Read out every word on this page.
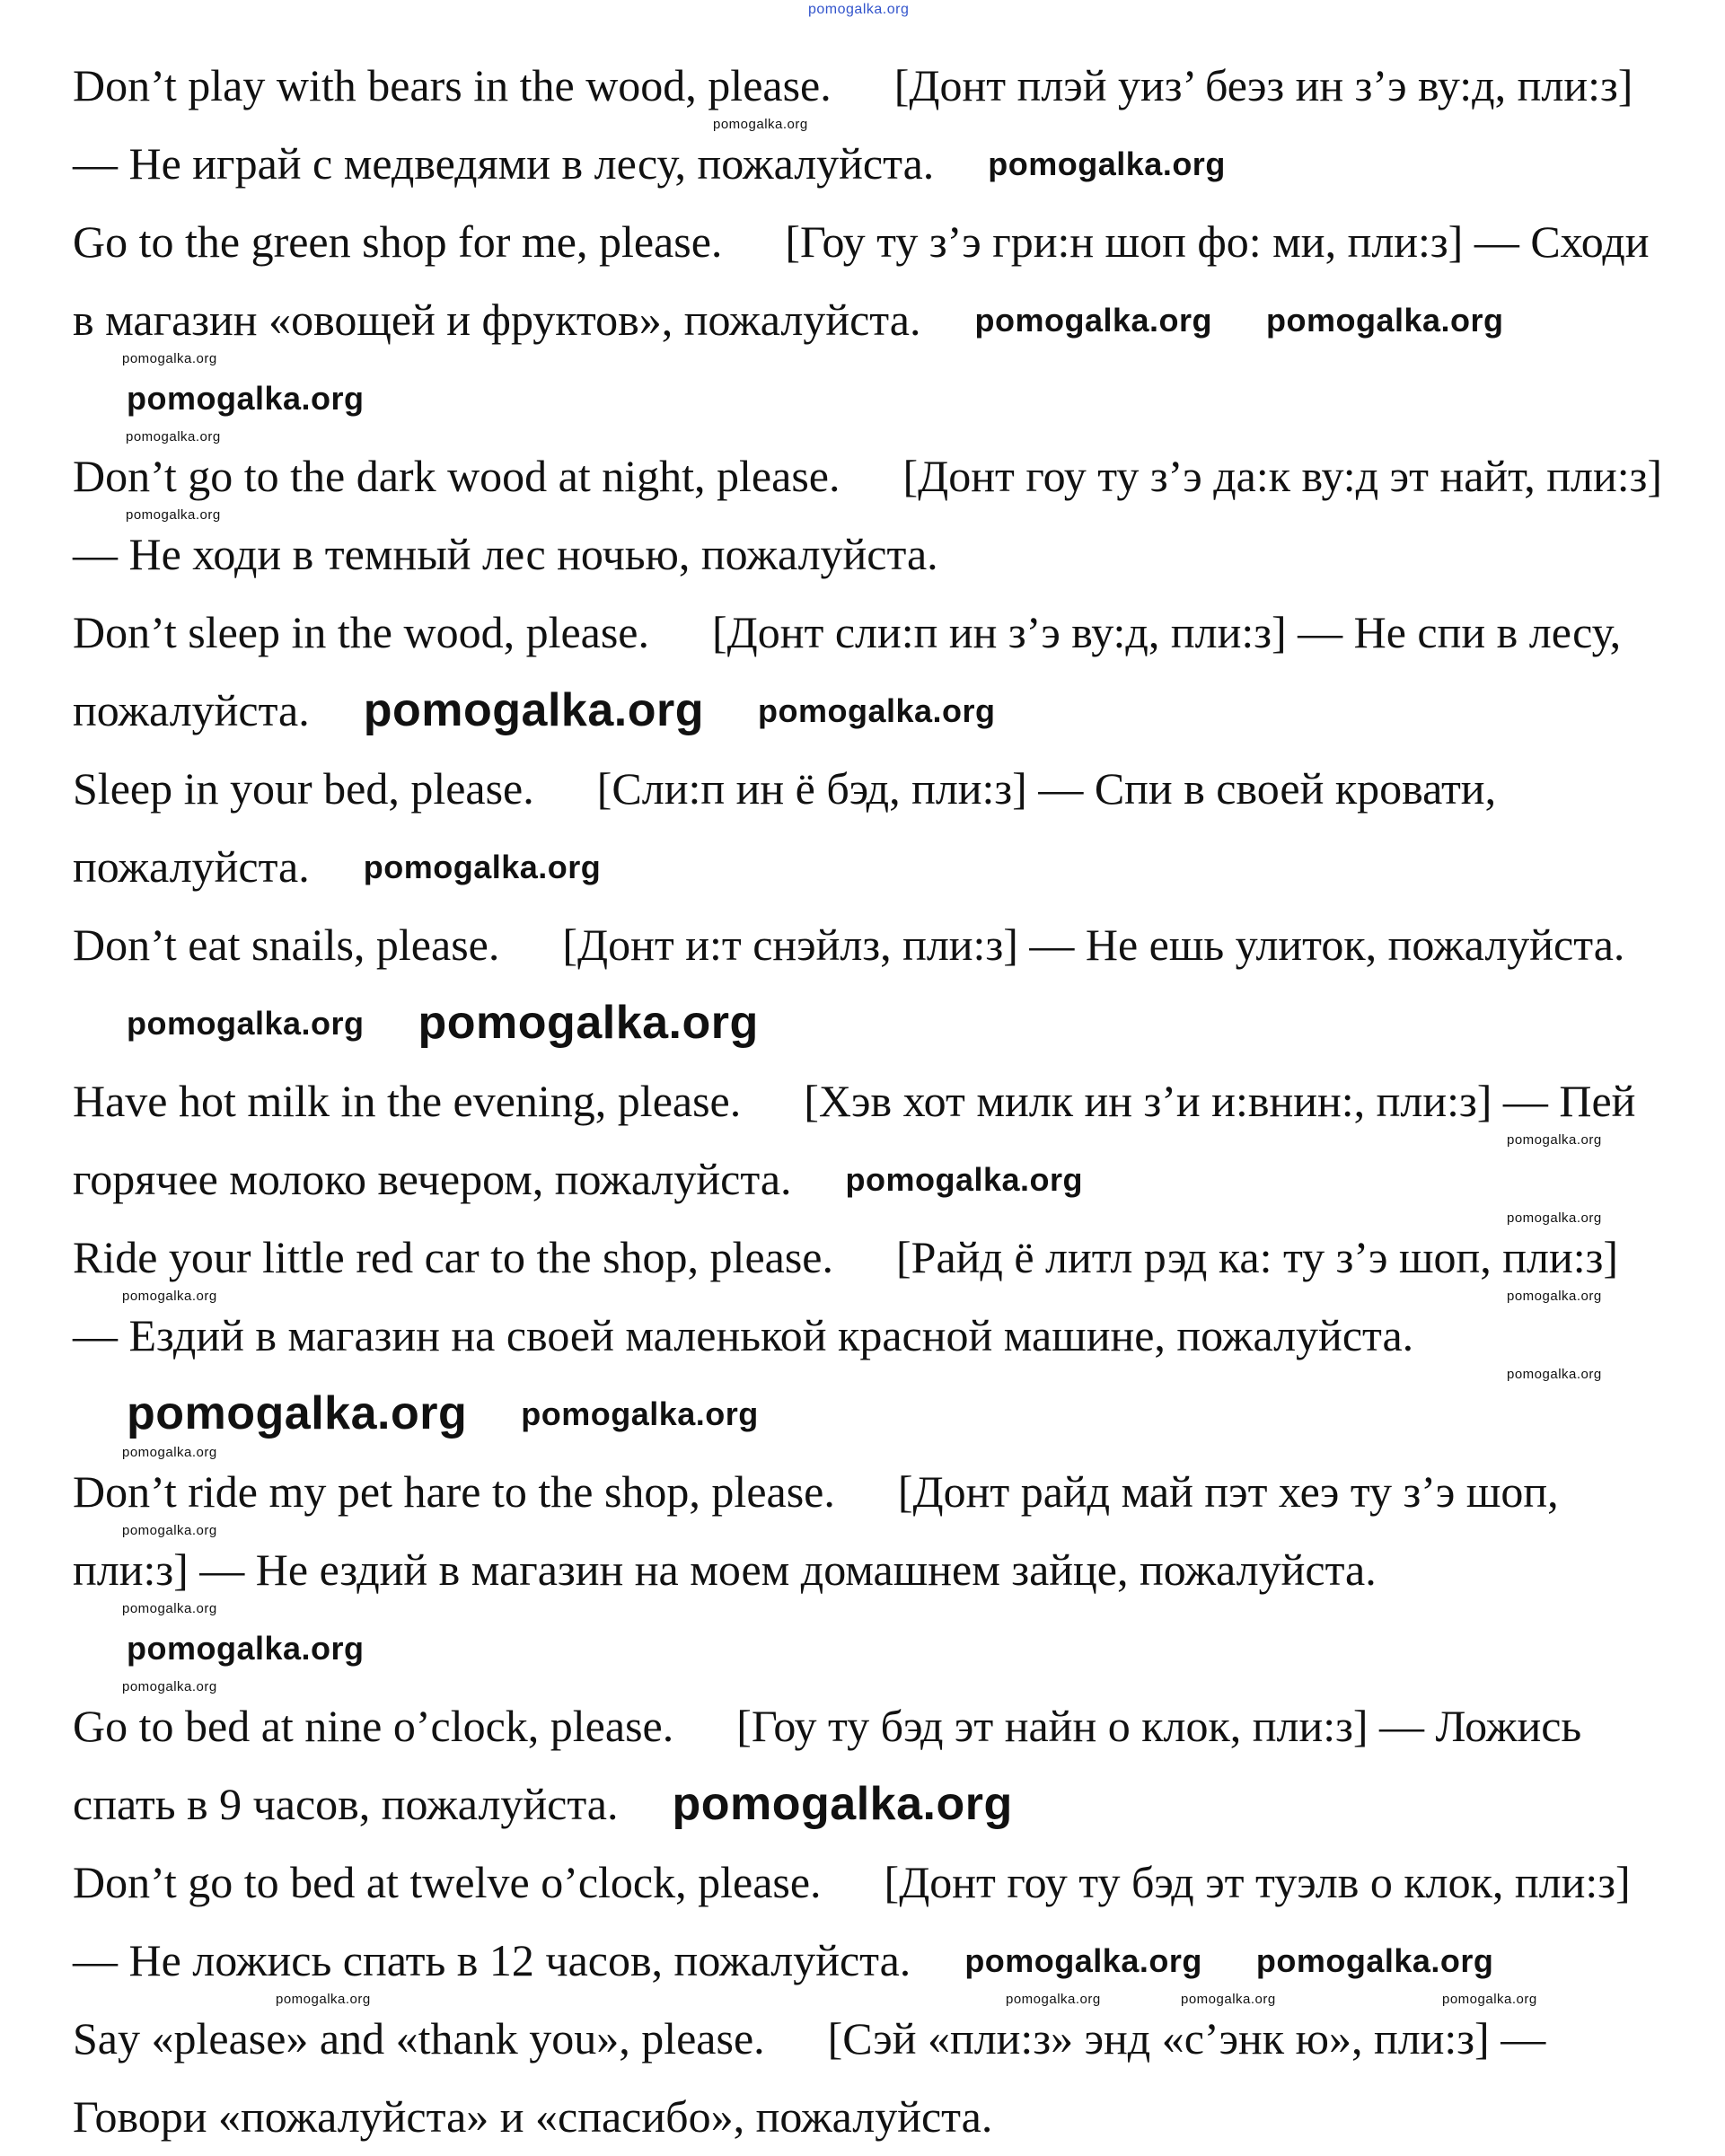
pomogalka.org

Don’t play with bears in the wood, please. [Донт плэй уиз’ беэз ин з’э ву:д, пли:з] — Не играй с медведями в лесу, пожалуйста. pomogalka.org

Go to the green shop for me, please. [Гоу ту з’э гри:н шоп фо: ми, пли:з] — Сходи в магазин «овощей и фруктов», пожалуйста. pomogalka.org pomogalka.orgpomogalka.org

Don’t go to the dark wood at night, please. [Донт гоу ту з’э да:к ву:д эт найт, пли:з] — Не ходи в темный лес ночью, пожалуйста.

Don’t sleep in the wood, please. [Донт сли:п ин з’э ву:д, пли:з] — Не спи в лесу, пожалуйста. pomogalka.org pomogalka.org

Sleep in your bed, please. [Сли:п ин ё бэд, пли:з] — Спи в своей кровати, пожалуйста. pomogalka.org

Don’t eat snails, please. [Донт и:т снэйлз, пли:з] — Не ешь улиток, пожалуйста.pomogalka.org pomogalka.org

Have hot milk in the evening, please. [Хэв хот милк ин з’и и:внин:, пли:з] — Пей горячее молоко вечером, пожалуйста. pomogalka.org

Ride your little red car to the shop, please. [Райд ё литл рэд ка: ту з’э шоп, пли:з] — Ездий в магазин на своей маленькой красной машине, пожалуйста.pomogalka.org pomogalka.org

Don’t ride my pet hare to the shop, please. [Донт райд май пэт хеэ ту з’э шоп, пли:з] — Не ездий в магазин на моем домашнем зайце, пожалуйста.pomogalka.org

Go to bed at nine o’clock, please. [Гоу ту бэд эт найн о клок, пли:з] — Ложись спать в 9 часов, пожалуйста. pomogalka.org

Don’t go to bed at twelve o’clock, please. [Донт гоу ту бэд эт туэлв о клок, пли:з] — Не ложись спать в 12 часов, пожалуйста. pomogalka.org pomogalka.org

Say «please» and «thank you», please. [Сэй «пли:з» энд «с’энк ю», пли:з] — Говори «пожалуйста» и «спасибо», пожалуйста.

pomogalka.org
pomogalka.org
pomogalka.org
pomogalka.org
pomogalka.org
pomogalka.org
pomogalka.org
pomogalka.org
pomogalka.org
pomogalka.org
pomogalka.org
pomogalka.org
pomogalka.org
pomogalka.org	pomogalka.org	pomogalka.org	pomogalka.org
